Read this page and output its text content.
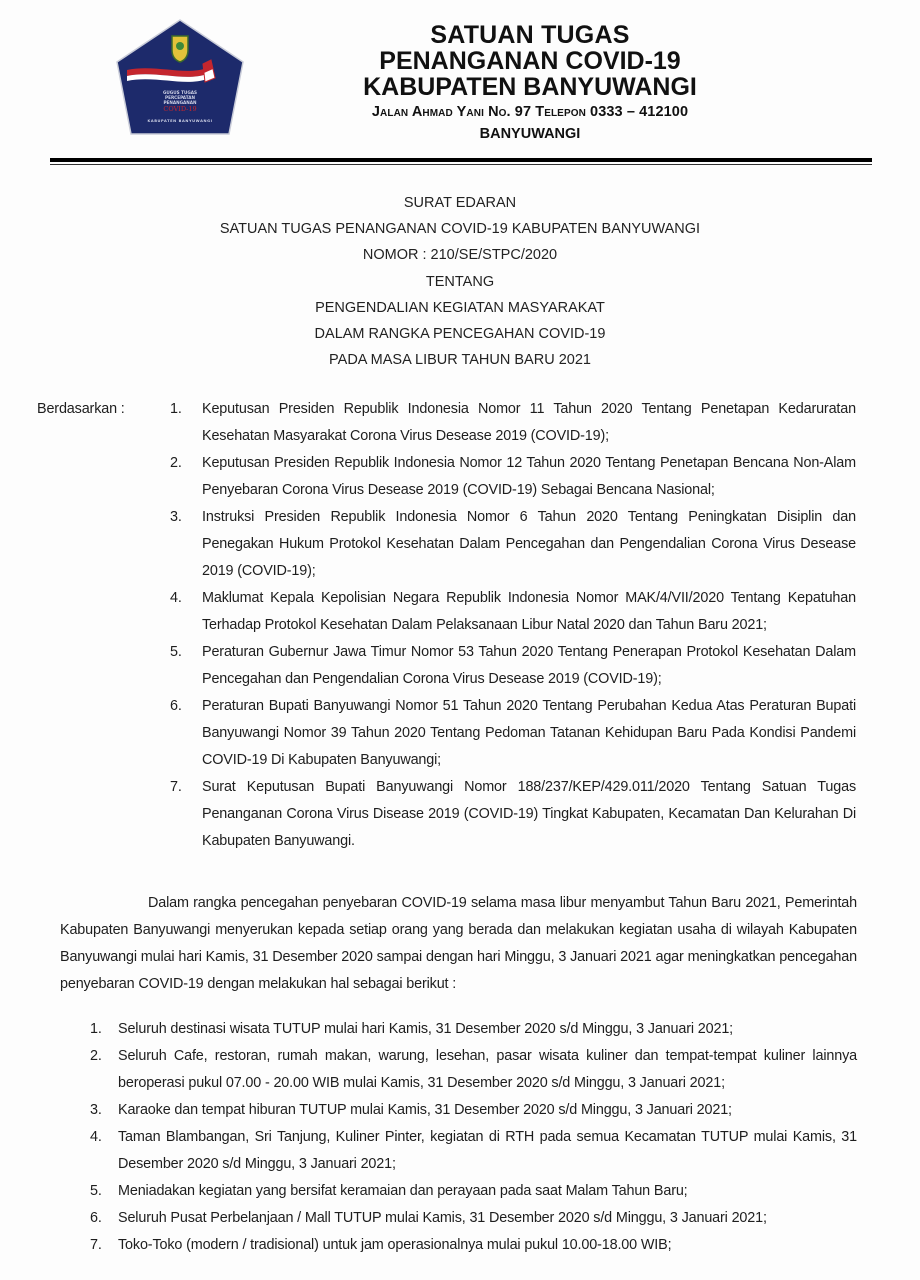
GUGUS TUGAS
PERCEPATAN
PENANGANAN
COVID-19
KABUPATEN BANYUWANGI
SATUAN TUGAS
PENANGANAN COVID-19
KABUPATEN BANYUWANGI
Jalan Ahmad Yani No. 97 Telepon 0333 – 412100
BANYUWANGI
SURAT EDARAN
SATUAN TUGAS PENANGANAN COVID-19 KABUPATEN BANYUWANGI
NOMOR : 210/SE/STPC/2020
TENTANG
PENGENDALIAN KEGIATAN MASYARAKAT
DALAM RANGKA PENCEGAHAN COVID-19
PADA MASA LIBUR TAHUN BARU 2021
Berdasarkan :	1. Keputusan Presiden Republik Indonesia Nomor 11 Tahun 2020 Tentang Penetapan Kedaruratan Kesehatan Masyarakat Corona Virus Desease 2019 (COVID-19);
2. Keputusan Presiden Republik Indonesia Nomor 12 Tahun 2020 Tentang Penetapan Bencana Non-Alam Penyebaran Corona Virus Desease 2019 (COVID-19) Sebagai Bencana Nasional;
3. Instruksi Presiden Republik Indonesia Nomor 6 Tahun 2020 Tentang Peningkatan Disiplin dan Penegakan Hukum Protokol Kesehatan Dalam Pencegahan dan Pengendalian Corona Virus Desease 2019 (COVID-19);
4. Maklumat Kepala Kepolisian Negara Republik Indonesia Nomor MAK/4/VII/2020 Tentang Kepatuhan Terhadap Protokol Kesehatan Dalam Pelaksanaan Libur Natal 2020 dan Tahun Baru 2021;
5. Peraturan Gubernur Jawa Timur Nomor 53 Tahun 2020 Tentang Penerapan Protokol Kesehatan Dalam Pencegahan dan Pengendalian Corona Virus Desease 2019 (COVID-19);
6. Peraturan Bupati Banyuwangi Nomor 51 Tahun 2020 Tentang Perubahan Kedua Atas Peraturan Bupati Banyuwangi Nomor 39 Tahun 2020 Tentang Pedoman Tatanan Kehidupan Baru Pada Kondisi Pandemi COVID-19 Di Kabupaten Banyuwangi;
7. Surat Keputusan Bupati Banyuwangi Nomor 188/237/KEP/429.011/2020 Tentang Satuan Tugas Penanganan Corona Virus Disease 2019 (COVID-19) Tingkat Kabupaten, Kecamatan Dan Kelurahan Di Kabupaten Banyuwangi.

Dalam rangka pencegahan penyebaran COVID-19 selama masa libur menyambut Tahun Baru 2021, Pemerintah Kabupaten Banyuwangi menyerukan kepada setiap orang yang berada dan melakukan kegiatan usaha di wilayah Kabupaten Banyuwangi mulai hari Kamis, 31 Desember 2020 sampai dengan hari Minggu, 3 Januari 2021 agar meningkatkan pencegahan penyebaran COVID-19 dengan melakukan hal sebagai berikut :

1. Seluruh destinasi wisata TUTUP mulai hari Kamis, 31 Desember 2020 s/d Minggu, 3 Januari 2021;
2. Seluruh Cafe, restoran, rumah makan, warung, lesehan, pasar wisata kuliner dan tempat-tempat kuliner lainnya beroperasi pukul 07.00 - 20.00 WIB mulai Kamis, 31 Desember 2020 s/d Minggu, 3 Januari 2021;
3. Karaoke dan tempat hiburan TUTUP mulai Kamis, 31 Desember 2020 s/d Minggu, 3 Januari 2021;
4. Taman Blambangan, Sri Tanjung, Kuliner Pinter, kegiatan di RTH pada semua Kecamatan TUTUP mulai Kamis, 31 Desember 2020 s/d Minggu, 3 Januari 2021;
5. Meniadakan kegiatan yang bersifat keramaian dan perayaan pada saat Malam Tahun Baru;
6. Seluruh Pusat Perbelanjaan / Mall TUTUP mulai Kamis, 31 Desember 2020 s/d Minggu, 3 Januari 2021;
7. Toko-Toko (modern / tradisional) untuk jam operasionalnya mulai pukul 10.00-18.00 WIB;
